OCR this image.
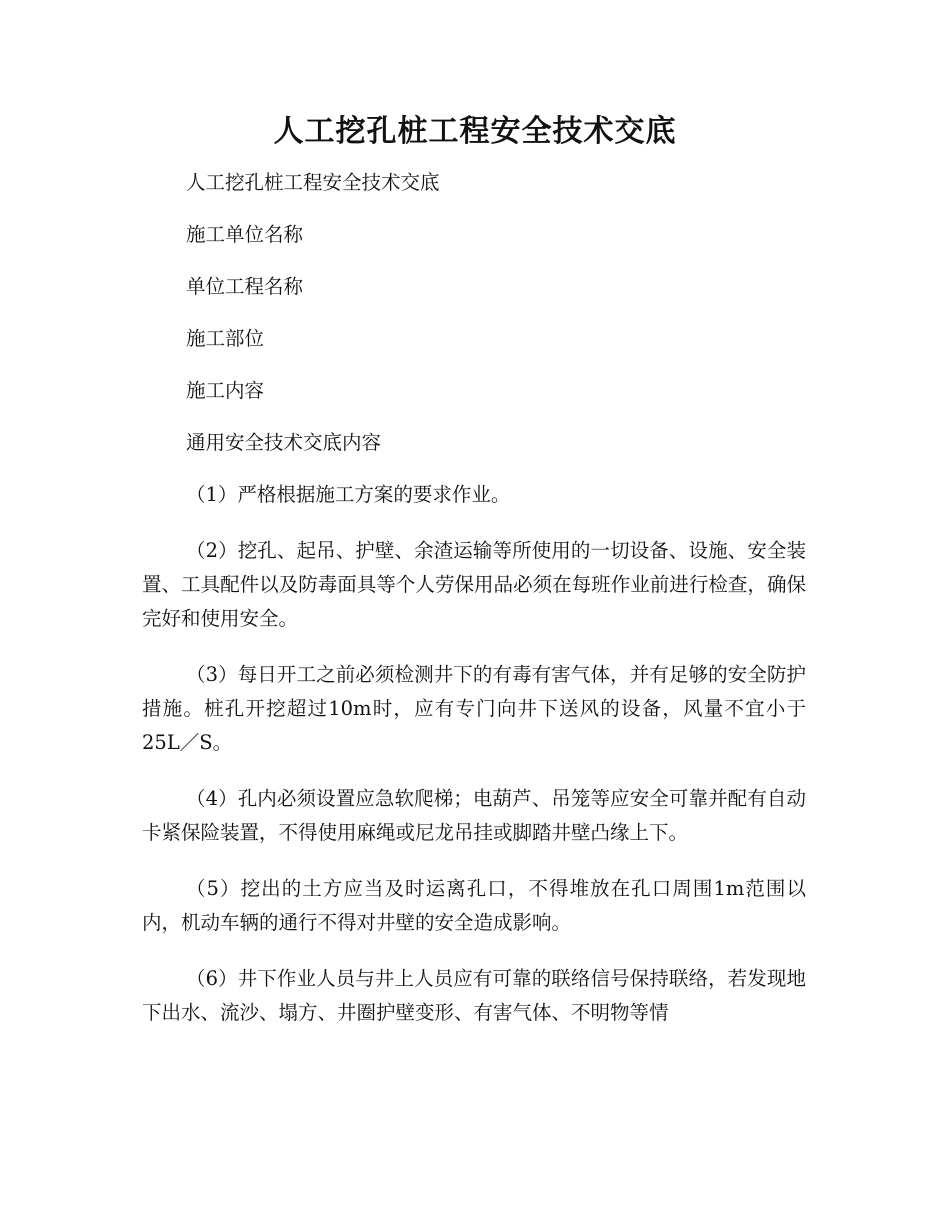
人工挖孔桩工程安全技术交底

人工挖孔桩工程安全技术交底

施工单位名称

单位工程名称

施工部位

施工内容

通用安全技术交底内容

（1）严格根据施工方案的要求作业。

（2）挖孔、起吊、护壁、余渣运输等所使用的一切设备、设施、安全装置、工具配件以及防毒面具等个人劳保用品必须在每班作业前进行检查，确保完好和使用安全。

（3）每日开工之前必须检测井下的有毒有害气体，并有足够的安全防护措施。桩孔开挖超过10m时，应有专门向井下送风的设备，风量不宜小于25L／S。

（4）孔内必须设置应急软爬梯；电葫芦、吊笼等应安全可靠并配有自动卡紧保险装置，不得使用麻绳或尼龙吊挂或脚踏井壁凸缘上下。

（5）挖出的土方应当及时运离孔口，不得堆放在孔口周围1m范围以内，机动车辆的通行不得对井壁的安全造成影响。

（6）井下作业人员与井上人员应有可靠的联络信号保持联络，若发现地下出水、流沙、塌方、井圈护壁变形、有害气体、不明物等情
